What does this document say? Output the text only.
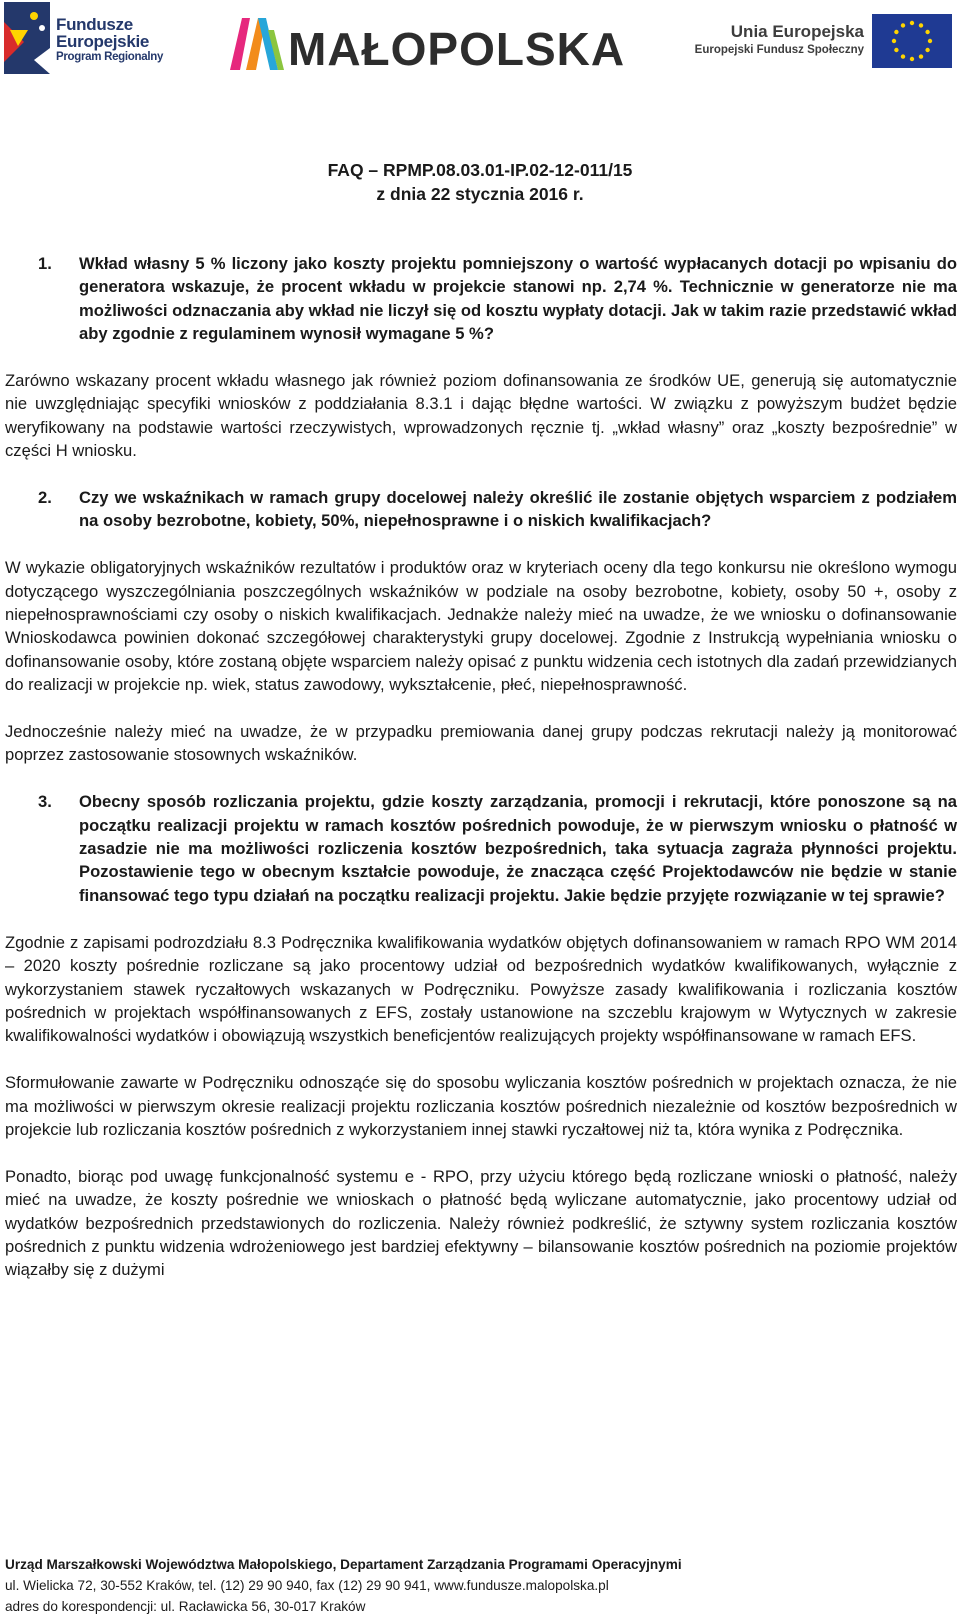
Fundusze
Europejskie
Program Regionalny	MAŁOPOLSKA	Unia Europejska
Europejski Fundusz Społeczny
FAQ – RPMP.08.03.01-IP.02-12-011/15
z dnia 22 stycznia 2016 r.
1.	Wkład własny 5 % liczony jako koszty projektu pomniejszony o wartość wypłacanych dotacji po wpisaniu do generatora wskazuje, że procent wkładu w projekcie stanowi np. 2,74 %. Technicznie w generatorze nie ma możliwości odznaczania aby wkład nie liczył się od kosztu wypłaty dotacji. Jak w takim razie przedstawić wkład aby zgodnie z regulaminem wynosił wymagane 5 %?

Zarówno wskazany procent wkładu własnego jak również poziom dofinansowania ze środków UE, generują się automatycznie nie uwzględniając specyfiki wniosków z poddziałania 8.3.1 i dając błędne wartości. W związku z powyższym budżet będzie weryfikowany na podstawie wartości rzeczywistych, wprowadzonych ręcznie tj. „wkład własny” oraz „koszty bezpośrednie” w części H wniosku.

2.	Czy we wskaźnikach w ramach grupy docelowej należy określić ile zostanie objętych wsparciem z podziałem na osoby bezrobotne, kobiety, 50%, niepełnosprawne i o niskich kwalifikacjach?

W wykazie obligatoryjnych wskaźników rezultatów i produktów oraz w kryteriach oceny dla tego konkursu nie określono wymogu dotyczącego wyszczególniania poszczególnych wskaźników w podziale na osoby bezrobotne, kobiety, osoby 50 +, osoby z niepełnosprawnościami czy osoby o niskich kwalifikacjach. Jednakże należy mieć na uwadze, że we wniosku o dofinansowanie Wnioskodawca powinien dokonać szczegółowej charakterystyki grupy docelowej. Zgodnie z Instrukcją wypełniania wniosku o dofinansowanie osoby, które zostaną objęte wsparciem należy opisać z punktu widzenia cech istotnych dla zadań przewidzianych do realizacji w projekcie np. wiek, status zawodowy, wykształcenie, płeć, niepełnosprawność.

Jednocześnie należy mieć na uwadze, że w przypadku premiowania danej grupy podczas rekrutacji należy ją monitorować poprzez zastosowanie stosownych wskaźników.

3.	Obecny sposób rozliczania projektu, gdzie koszty zarządzania, promocji i rekrutacji, które ponoszone są na początku realizacji projektu w ramach kosztów pośrednich powoduje, że w pierwszym wniosku o płatność w zasadzie nie ma możliwości rozliczenia kosztów bezpośrednich, taka sytuacja zagraża płynności projektu. Pozostawienie tego w obecnym kształcie powoduje, że znacząca część Projektodawców nie będzie w stanie finansować tego typu działań na początku realizacji projektu. Jakie będzie przyjęte rozwiązanie w tej sprawie?

Zgodnie z zapisami podrozdziału 8.3 Podręcznika kwalifikowania wydatków objętych dofinansowaniem w ramach RPO WM 2014 – 2020 koszty pośrednie rozliczane są jako procentowy udział od bezpośrednich wydatków kwalifikowanych, wyłącznie z wykorzystaniem stawek ryczałtowych wskazanych w Podręczniku. Powyższe zasady kwalifikowania i rozliczania kosztów pośrednich w projektach współfinansowanych z EFS, zostały ustanowione na szczeblu krajowym w Wytycznych w zakresie kwalifikowalności wydatków i obowiązują wszystkich beneficjentów realizujących projekty współfinansowane w ramach EFS.

Sformułowanie zawarte w Podręczniku odnosząće się do sposobu wyliczania kosztów pośrednich w projektach oznacza, że nie ma możliwości w pierwszym okresie realizacji projektu rozliczania kosztów pośrednich niezależnie od kosztów bezpośrednich w projekcie lub rozliczania kosztów pośrednich z wykorzystaniem innej stawki ryczałtowej niż ta, która wynika z Podręcznika.

Ponadto, biorąc pod uwagę funkcjonalność systemu e - RPO, przy użyciu którego będą rozliczane wnioski o płatność, należy mieć na uwadze, że koszty pośrednie we wnioskach o płatność będą wyliczane automatycznie, jako procentowy udział od wydatków bezpośrednich przedstawionych do rozliczenia. Należy również podkreślić, że sztywny system rozliczania kosztów pośrednich z punktu widzenia wdrożeniowego jest bardziej efektywny – bilansowanie kosztów pośrednich na poziomie projektów wiązałby się z dużymi

Urząd Marszałkowski Województwa Małopolskiego, Departament Zarządzania Programami Operacyjnymi
ul. Wielicka 72, 30-552 Kraków, tel. (12) 29 90 940, fax (12) 29 90 941, www.fundusze.malopolska.pl
adres do korespondencji: ul. Racławicka 56, 30-017 Kraków
